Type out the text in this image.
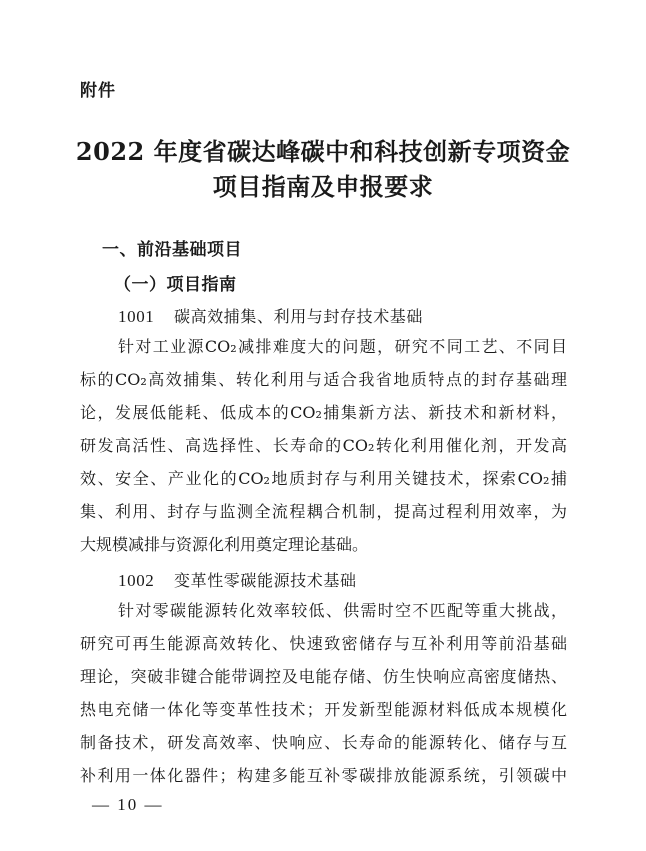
附件
2022 年度省碳达峰碳中和科技创新专项资金
项目指南及申报要求
一、前沿基础项目
（一）项目指南
1001 碳高效捕集、利用与封存技术基础
针对工业源CO₂减排难度大的问题，研究不同工艺、不同目
标的CO₂高效捕集、转化利用与适合我省地质特点的封存基础理
论，发展低能耗、低成本的CO₂捕集新方法、新技术和新材料，
研发高活性、高选择性、长寿命的CO₂转化利用催化剂，开发高
效、安全、产业化的CO₂地质封存与利用关键技术，探索CO₂捕
集、利用、封存与监测全流程耦合机制，提高过程利用效率，为
大规模减排与资源化利用奠定理论基础。
1002 变革性零碳能源技术基础
针对零碳能源转化效率较低、供需时空不匹配等重大挑战，
研究可再生能源高效转化、快速致密储存与互补利用等前沿基础
理论，突破非键合能带调控及电能存储、仿生快响应高密度储热、
热电充储一体化等变革性技术；开发新型能源材料低成本规模化
制备技术，研发高效率、快响应、长寿命的能源转化、储存与互
补利用一体化器件；构建多能互补零碳排放能源系统，引领碳中
— 10 —
